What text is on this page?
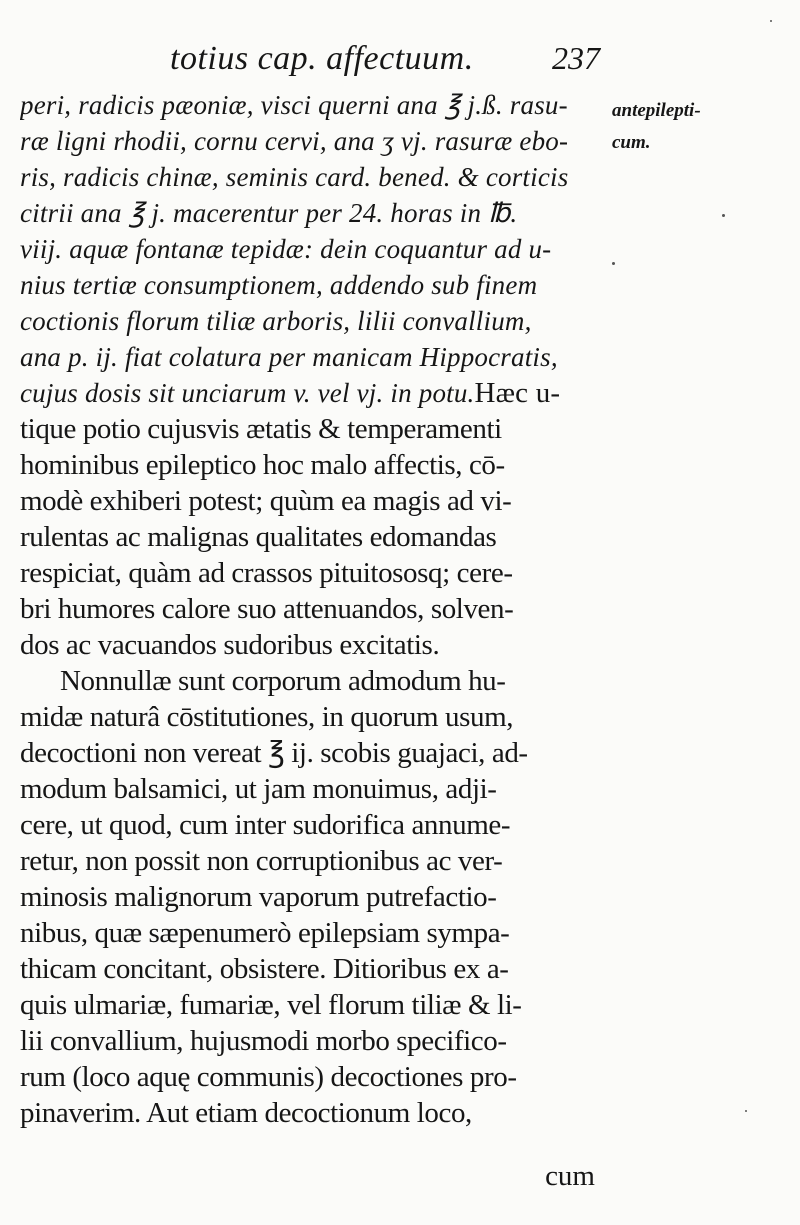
totius cap. affectuum. 237
antepilepti-
cum.
peri, radicis pæoniæ, visci querni ana ℥ j.ß. rasu-
ræ ligni rhodii, cornu cervi, ana ʒ vj. rasuræ ebo-
ris, radicis chinæ, seminis card. bened. & corticis
citrii ana ℥ j. macerentur per 24. horas in ℔.
viij. aquæ fontanæ tepidæ: dein coquantur ad u-
nius tertiæ consumptionem, addendo sub finem
coctionis florum tiliæ arboris, lilii convallium,
ana p. ij. fiat colatura per manicam Hippocratis,
cujus dosis sit unciarum v. vel vj. in potu.Hæc u-
tique potio cujusvis ætatis & temperamenti
hominibus epileptico hoc malo affectis, cō-
modè exhiberi potest; quùm ea magis ad vi-
rulentas ac malignas qualitates edomandas
respiciat, quàm ad crassos pituitososq; cere-
bri humores calore suo attenuandos, solven-
dos ac vacuandos sudoribus excitatis.
Nonnullæ sunt corporum admodum hu-
midæ naturâ cōstitutiones, in quorum usum,
decoctioni non vereat ℥ ij. scobis guajaci, ad-
modum balsamici, ut jam monuimus, adji-
cere, ut quod, cum inter sudorifica annume-
retur, non possit non corruptionibus ac ver-
minosis malignorum vaporum putrefactio-
nibus, quæ sæpenumerò epilepsiam sympa-
thicam concitant, obsistere. Ditioribus ex a-
quis ulmariæ, fumariæ, vel florum tiliæ & li-
lii convallium, hujusmodi morbo specifico-
rum (loco aquę communis) decoctiones pro-
pinaverim. Aut etiam decoctionum loco,
cum
